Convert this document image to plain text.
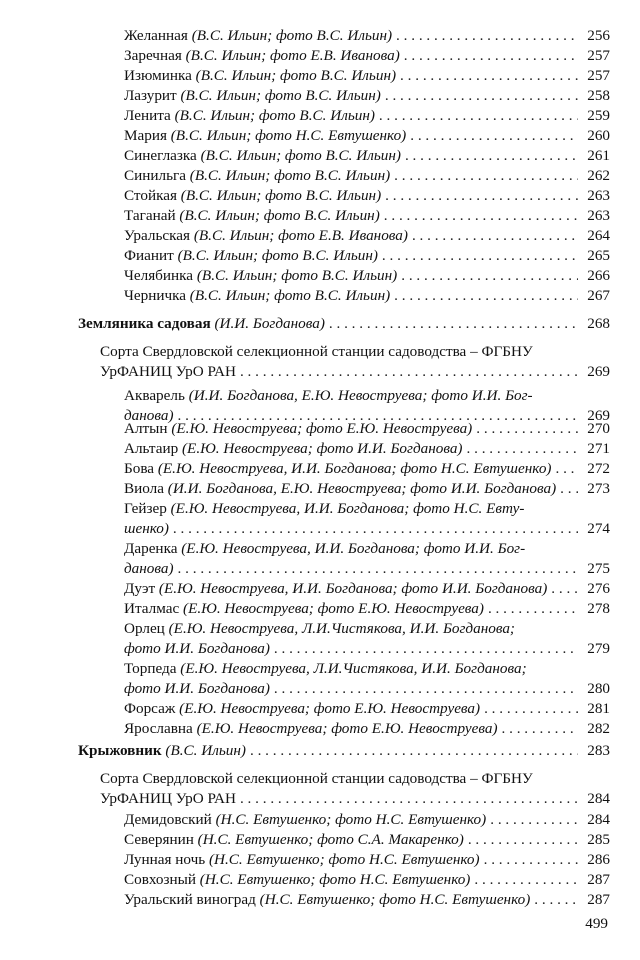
Желанная (В.С. Ильин; фото В.С. Ильин) . . .	256
Заречная (В.С. Ильин; фото Е.В. Иванова) . . .	257
Изюминка (В.С. Ильин; фото В.С. Ильин) . . .	257
Лазурит (В.С. Ильин; фото В.С. Ильин) . . .	258
Ленита (В.С. Ильин; фото В.С. Ильин) . . .	259
Мария (В.С. Ильин; фото Н.С. Евтушенко) . . .	260
Синеглазка (В.С. Ильин; фото В.С. Ильин) . . .	261
Синильга (В.С. Ильин; фото В.С. Ильин) . . .	262
Стойкая (В.С. Ильин; фото В.С. Ильин) . . .	263
Таганай (В.С. Ильин; фото В.С. Ильин) . . .	263
Уральская (В.С. Ильин; фото Е.В. Иванова) . . .	264
Фианит (В.С. Ильин; фото В.С. Ильин) . . .	265
Челябинка (В.С. Ильин; фото В.С. Ильин) . . .	266
Черничка (В.С. Ильин; фото В.С. Ильин) . . .	267
Земляника садовая (И.И. Богданова) . . .	268
Сорта Свердловской селекционной станции садоводства – ФГБНУ
УрФАНИЦ УрО РАН . . .	269
Акварель (И.И. Богданова, Е.Ю. Невоструева; фото И.И. Бог-
данова) . . .	269
Алтын (Е.Ю. Невоструева; фото Е.Ю. Невоструева) . . .	270
Альтаир (Е.Ю. Невоструева; фото И.И. Богданова) . . .	271
Бова (Е.Ю. Невоструева, И.И. Богданова; фото Н.С. Евтушенко) . . .	272
Виола (И.И. Богданова, Е.Ю. Невоструева; фото И.И. Богданова) . . .	273
Гейзер (Е.Ю. Невоструева, И.И. Богданова; фото Н.С. Евту-
шенко) . . .	274
Даренка (Е.Ю. Невоструева, И.И. Богданова; фото И.И. Бог-
данова) . . .	275
Дуэт (Е.Ю. Невоструева, И.И. Богданова; фото И.И. Богданова) . . .	276
Италмас (Е.Ю. Невоструева; фото Е.Ю. Невоструева) . . .	278
Орлец (Е.Ю. Невоструева, Л.И.Чистякова, И.И. Богданова;
фото И.И. Богданова) . . .	279
Торпеда (Е.Ю. Невоструева, Л.И.Чистякова, И.И. Богданова;
фото И.И. Богданова) . . .	280
Форсаж (Е.Ю. Невоструева; фото Е.Ю. Невоструева) . . .	281
Ярославна (Е.Ю. Невоструева; фото Е.Ю. Невоструева) . . .	282
Крыжовник (В.С. Ильин) . . .	283
Сорта Свердловской селекционной станции садоводства – ФГБНУ
УрФАНИЦ УрО РАН . . .	284
Демидовский (Н.С. Евтушенко; фото Н.С. Евтушенко) . . .	284
Северянин (Н.С. Евтушенко; фото С.А. Макаренко) . . .	285
Лунная ночь (Н.С. Евтушенко; фото Н.С. Евтушенко) . . .	286
Совхозный (Н.С. Евтушенко; фото Н.С. Евтушенко) . . .	287
Уральский виноград (Н.С. Евтушенко; фото Н.С. Евтушенко) . . .	287
499
